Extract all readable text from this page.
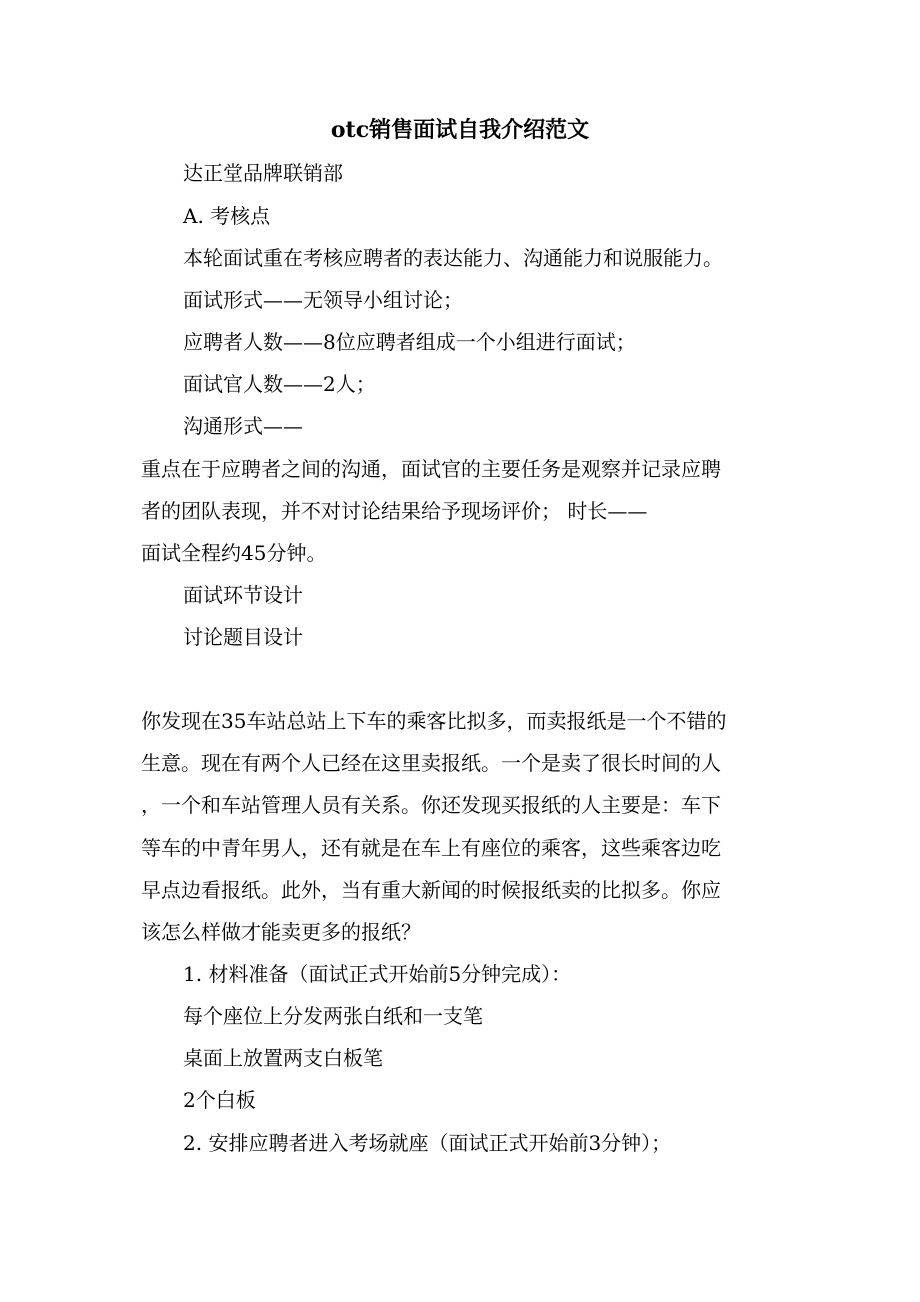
otc销售面试自我介绍范文
达正堂品牌联销部
A. 考核点
本轮面试重在考核应聘者的表达能力、沟通能力和说服能力。
面试形式——无领导小组讨论；
应聘者人数——8位应聘者组成一个小组进行面试；
面试官人数——2人；
沟通形式——
重点在于应聘者之间的沟通，面试官的主要任务是观察并记录应聘
者的团队表现，并不对讨论结果给予现场评价； 时长——
面试全程约45分钟。
面试环节设计
讨论题目设计
你发现在35车站总站上下车的乘客比拟多，而卖报纸是一个不错的
生意。现在有两个人已经在这里卖报纸。一个是卖了很长时间的人
，一个和车站管理人员有关系。你还发现买报纸的人主要是：车下
等车的中青年男人，还有就是在车上有座位的乘客，这些乘客边吃
早点边看报纸。此外，当有重大新闻的时候报纸卖的比拟多。你应
该怎么样做才能卖更多的报纸？
1. 材料准备（面试正式开始前5分钟完成）：
每个座位上分发两张白纸和一支笔
桌面上放置两支白板笔
2个白板
2. 安排应聘者进入考场就座（面试正式开始前3分钟）；
